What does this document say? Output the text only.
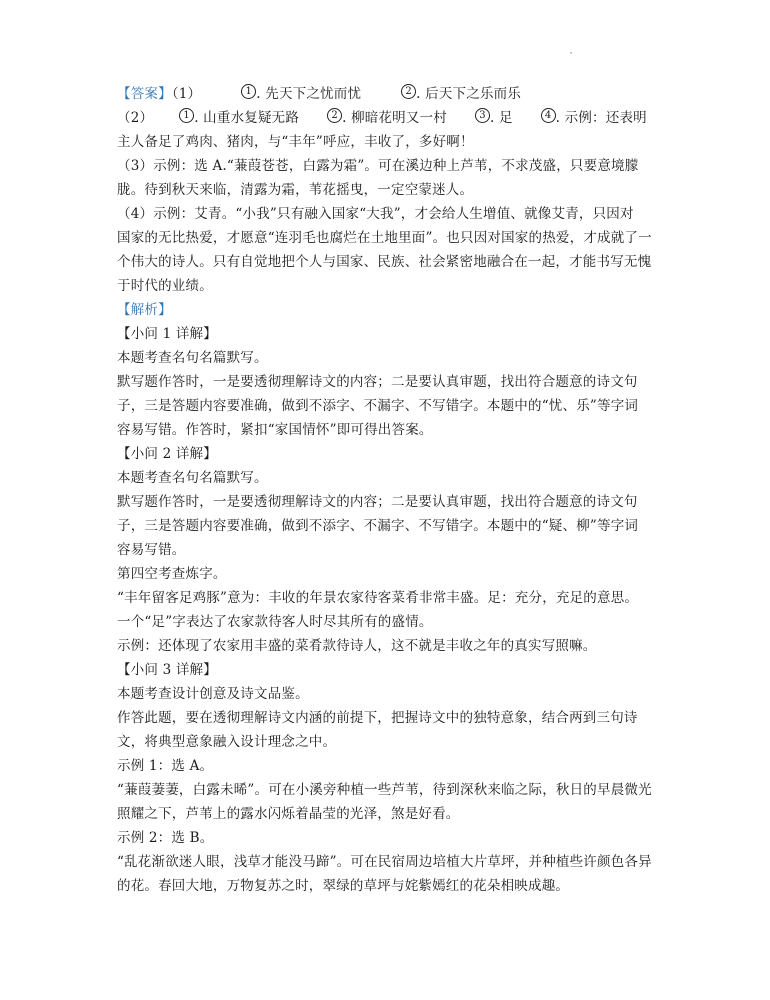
【答案】（1）	1 . 先天下之忧而忧	2 . 后天下之乐而乐
（2）	1 . 山重水复疑无路	2 . 柳暗花明又一村	3 . 足	4 . 示例：还表明
主人备足了鸡肉、猪肉，与“丰年”呼应，丰收了，多好啊！
（3）示例：选 A.“蒹葭苍苍，白露为霜”。可在溪边种上芦苇，不求茂盛，只要意境朦
胧。待到秋天来临，清露为霜，苇花摇曳，一定空蒙迷人。
（4）示例：艾青。“小我”只有融入国家“大我”，才会给人生增值、就像艾青，只因对
国家的无比热爱，才愿意“连羽毛也腐烂在土地里面”。也只因对国家的热爱，才成就了一
个伟大的诗人。只有自觉地把个人与国家、民族、社会紧密地融合在一起，才能书写无愧
于时代的业绩。
【解析】
【小问 1 详解】
本题考查名句名篇默写。
默写题作答时，一是要透彻理解诗文的内容；二是要认真审题，找出符合题意的诗文句
子，三是答题内容要准确，做到不添字、不漏字、不写错字。本题中的“忧、乐”等字词
容易写错。作答时，紧扣“家国情怀”即可得出答案。
【小问 2 详解】
本题考查名句名篇默写。
默写题作答时，一是要透彻理解诗文的内容；二是要认真审题，找出符合题意的诗文句
子，三是答题内容要准确，做到不添字、不漏字、不写错字。本题中的“疑、柳”等字词
容易写错。
第四空考查炼字。
“丰年留客足鸡豚”意为：丰收的年景农家待客菜肴非常丰盛。足：充分，充足的意思。
一个“足”字表达了农家款待客人时尽其所有的盛情。
示例：还体现了农家用丰盛的菜肴款待诗人，这不就是丰收之年的真实写照嘛。
【小问 3 详解】
本题考查设计创意及诗文品鉴。
作答此题，要在透彻理解诗文内涵的前提下，把握诗文中的独特意象，结合两到三句诗
文，将典型意象融入设计理念之中。
示例 1：选 A。
“蒹葭萋萋，白露未晞”。可在小溪旁种植一些芦苇，待到深秋来临之际，秋日的早晨微光
照耀之下，芦苇上的露水闪烁着晶莹的光泽，煞是好看。
示例 2：选 B。
“乱花渐欲迷人眼，浅草才能没马蹄”。可在民宿周边培植大片草坪，并种植些许颜色各异
的花。春回大地，万物复苏之时，翠绿的草坪与姹紫嫣红的花朵相映成趣。
